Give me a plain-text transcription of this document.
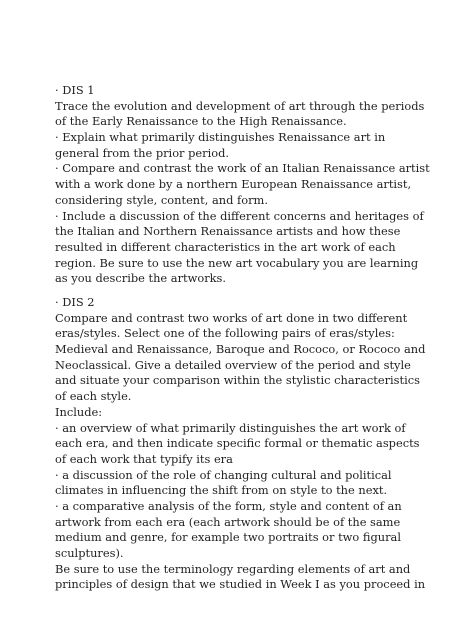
· DIS 1
Trace the evolution and development of art through the periods
of the Early Renaissance to the High Renaissance.
· Explain what primarily distinguishes Renaissance art in
general from the prior period.
· Compare and contrast the work of an Italian Renaissance artist
with a work done by a northern European Renaissance artist,
considering style, content, and form.
· Include a discussion of the different concerns and heritages of
the Italian and Northern Renaissance artists and how these
resulted in different characteristics in the art work of each
region. Be sure to use the new art vocabulary you are learning
as you describe the artworks.
· DIS 2
Compare and contrast two works of art done in two different
eras/styles. Select one of the following pairs of eras/styles:
Medieval and Renaissance, Baroque and Rococo, or Rococo and
Neoclassical. Give a detailed overview of the period and style
and situate your comparison within the stylistic characteristics
of each style.
Include:
· an overview of what primarily distinguishes the art work of
each era, and then indicate specific formal or thematic aspects
of each work that typify its era
· a discussion of the role of changing cultural and political
climates in influencing the shift from on style to the next.
· a comparative analysis of the form, style and content of an
artwork from each era (each artwork should be of the same
medium and genre, for example two portraits or two figural
sculptures).
Be sure to use the terminology regarding elements of art and
principles of design that we studied in Week I as you proceed in
